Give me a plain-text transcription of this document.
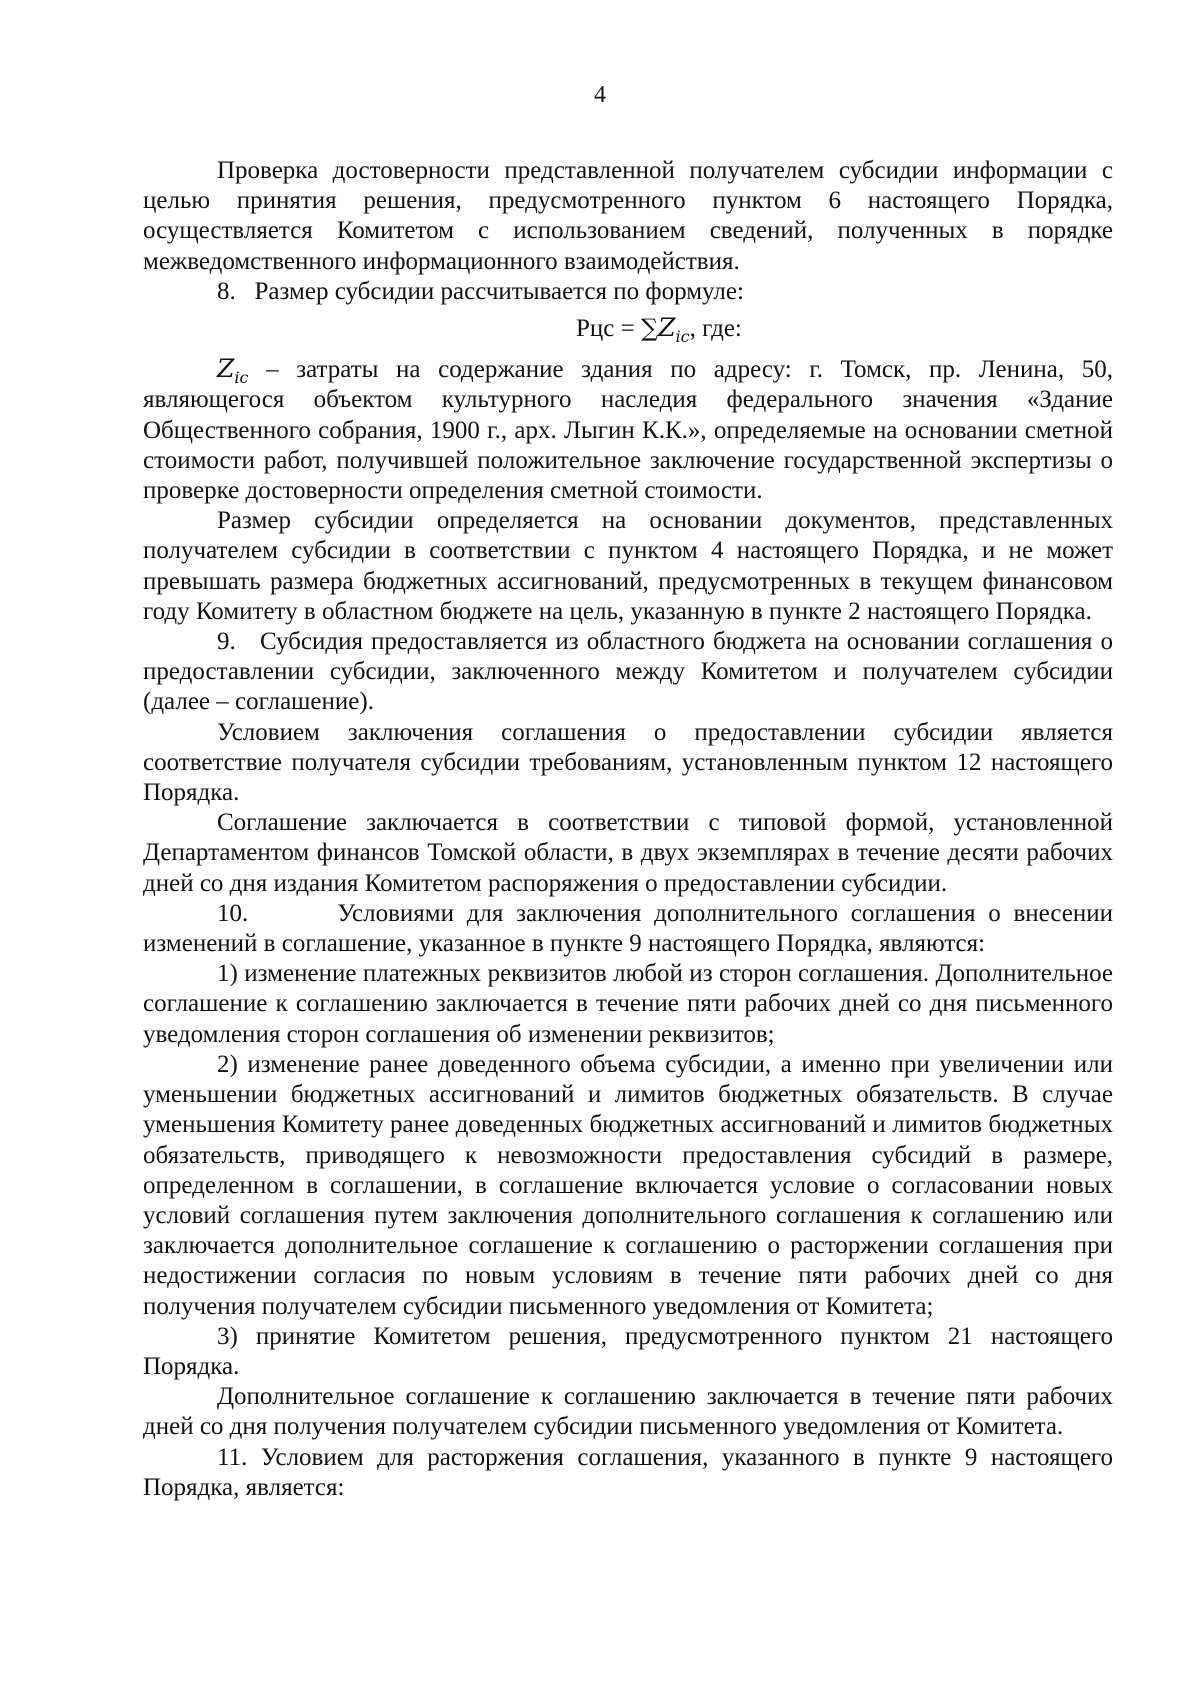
4

Проверка достоверности представленной получателем субсидии информации с целью принятия решения, предусмотренного пунктом 6 настоящего Порядка, осуществляется Комитетом с использованием сведений, полученных в порядке межведомственного информационного взаимодействия.

8.   Размер субсидии рассчитывается по формуле:

Рцс = $\sum Z_{ic}$, где:

$Z_{ic}$ – затраты на содержание здания по адресу: г. Томск, пр. Ленина, 50, являющегося объектом культурного наследия федерального значения «Здание Общественного собрания, 1900 г., арх. Лыгин К.К.», определяемые на основании сметной стоимости работ, получившей положительное заключение государственной экспертизы о проверке достоверности определения сметной стоимости.

Размер субсидии определяется на основании документов, представленных получателем субсидии в соответствии с пунктом 4 настоящего Порядка, и не может превышать размера бюджетных ассигнований, предусмотренных в текущем финансовом году Комитету в областном бюджете на цель, указанную в пункте 2 настоящего Порядка.

9.   Субсидия предоставляется из областного бюджета на основании соглашения о предоставлении субсидии, заключенного между Комитетом и получателем субсидии (далее – соглашение).

Условием заключения соглашения о предоставлении субсидии является соответствие получателя субсидии требованиям, установленным пунктом 12 настоящего Порядка.

Соглашение заключается в соответствии с типовой формой, установленной Департаментом финансов Томской области, в двух экземплярах в течение десяти рабочих дней со дня издания Комитетом распоряжения о предоставлении субсидии.

10.       Условиями для заключения дополнительного соглашения о внесении изменений в соглашение, указанное в пункте 9 настоящего Порядка, являются:

1) изменение платежных реквизитов любой из сторон соглашения. Дополнительное соглашение к соглашению заключается в течение пяти рабочих дней со дня письменного уведомления сторон соглашения об изменении реквизитов;

2) изменение ранее доведенного объема субсидии, а именно при увеличении или уменьшении бюджетных ассигнований и лимитов бюджетных обязательств. В случае уменьшения Комитету ранее доведенных бюджетных ассигнований и лимитов бюджетных обязательств, приводящего к невозможности предоставления субсидий в размере, определенном в соглашении, в соглашение включается условие о согласовании новых условий соглашения путем заключения дополнительного соглашения к соглашению или заключается дополнительное соглашение к соглашению о расторжении соглашения при недостижении согласия по новым условиям в течение пяти рабочих дней со дня получения получателем субсидии письменного уведомления от Комитета;

3) принятие Комитетом решения, предусмотренного пунктом 21 настоящего Порядка.

Дополнительное соглашение к соглашению заключается в течение пяти рабочих дней со дня получения получателем субсидии письменного уведомления от Комитета.

11. Условием для расторжения соглашения, указанного в пункте 9 настоящего Порядка, является:
